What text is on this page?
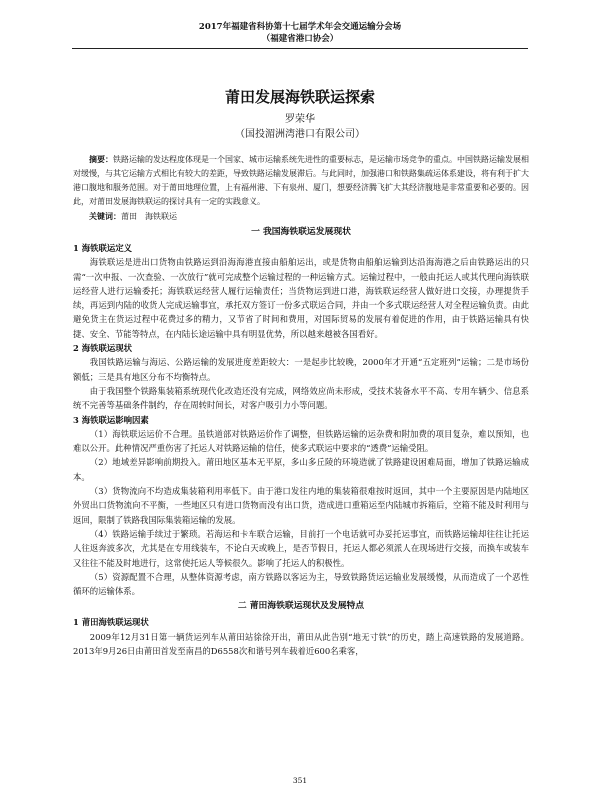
2017年福建省科协第十七届学术年会交通运输分会场
（福建省港口协会）
莆田发展海铁联运探索
罗荣华
（国投湄洲湾港口有限公司）

摘要：铁路运输的发达程度体现是一个国家、城市运输系统先进性的重要标志，是运输市场竞争的重点。中国铁路运输发展相对缓慢，与其它运输方式相比有较大的差距，导致铁路运输发展滞后。与此同时，加强港口和铁路集疏运体系建设，将有利于扩大港口腹地和服务范围。对于莆田地理位置，上有福州港、下有泉州、厦门，想要经济腾飞扩大其经济腹地是非常重要和必要的。因此，对莆田发展海铁联运的探讨具有一定的实践意义。

关键词：莆田　海铁联运

一 我国海铁联运发展现状
1 海铁联运定义

海铁联运是进出口货物由铁路运到沿海海港直接由船舶运出，或是货物由船舶运输到达沿海海港之后由铁路运出的只需“一次申报、一次查验、一次放行”就可完成整个运输过程的一种运输方式。运输过程中，一般由托运人或其代理向海铁联运经营人进行运输委托；海铁联运经营人履行运输责任；当货物运到进口港，海铁联运经营人做好进口交接，办理提货手续，再运到内陆的收货人完成运输事宜，承托双方签订一份多式联运合同，并由一个多式联运经营人对全程运输负责。由此避免货主在货运过程中花费过多的精力，又节省了时间和费用，对国际贸易的发展有着促进的作用，由于铁路运输具有快捷、安全、节能等特点，在内陆长途运输中具有明显优势，所以越来越被各国看好。

2 海铁联运现状

我国铁路运输与海运、公路运输的发展进度差距较大：一是起步比较晚，2000年才开通“五定班列”运输；二是市场份额低；三是具有地区分布不均衡特点。

由于我国整个铁路集装箱系统现代化改造还没有完成，网络效应尚未形成，受技术装备水平不高、专用车辆少、信息系统不完善等基础条件制约，存在周转时间长，对客户吸引力小等问题。

3 海铁联运影响因素

（1）海铁联运运价不合理。虽铁道部对铁路运价作了调整，但铁路运输的运杂费和附加费的项目复杂，难以预知，也难以公开。此种情况严重伤害了托运人对铁路运输的信任，使多式联运中要求的“透费”运输受阻。

（2）地域差异影响前期投入。莆田地区基本无平原，多山多丘陵的环境造就了铁路建设困难局面，增加了铁路运输成本。

（3）货物流向不均造成集装箱利用率低下。由于港口发往内地的集装箱很难按时返回，其中一个主要原因是内陆地区外贸出口货物流向不平衡，一些地区只有进口货物而没有出口货，造成进口重箱运至内陆城市拆箱后，空箱不能及时利用与返回，限制了铁路我国际集装箱运输的发展。

（4）铁路运输手续过于繁琐。若海运和卡车联合运输，目前打一个电话就可办妥托运事宜，而铁路运输却往往让托运人往返奔波多次，尤其是在专用线装车，不论白天或晚上，是否节假日，托运人都必须派人在现场进行交接，而换车或装车又往往不能及时地进行，这常使托运人等候很久。影响了托运人的积极性。

（5）资源配置不合理，从整体资源考虑，南方铁路以客运为主，导致铁路货运运输业发展缓慢，从而造成了一个恶性循环的运输体系。

二 莆田海铁联运现状及发展特点
1 莆田海铁联运现状

2009年12月31日第一辆货运列车从莆田站徐徐开出，莆田从此告别“地无寸铁”的历史，踏上高速铁路的发展道路。2013年9月26日由莆田首发至南昌的D6558次和谐号列车载着近600名乘客，

351
